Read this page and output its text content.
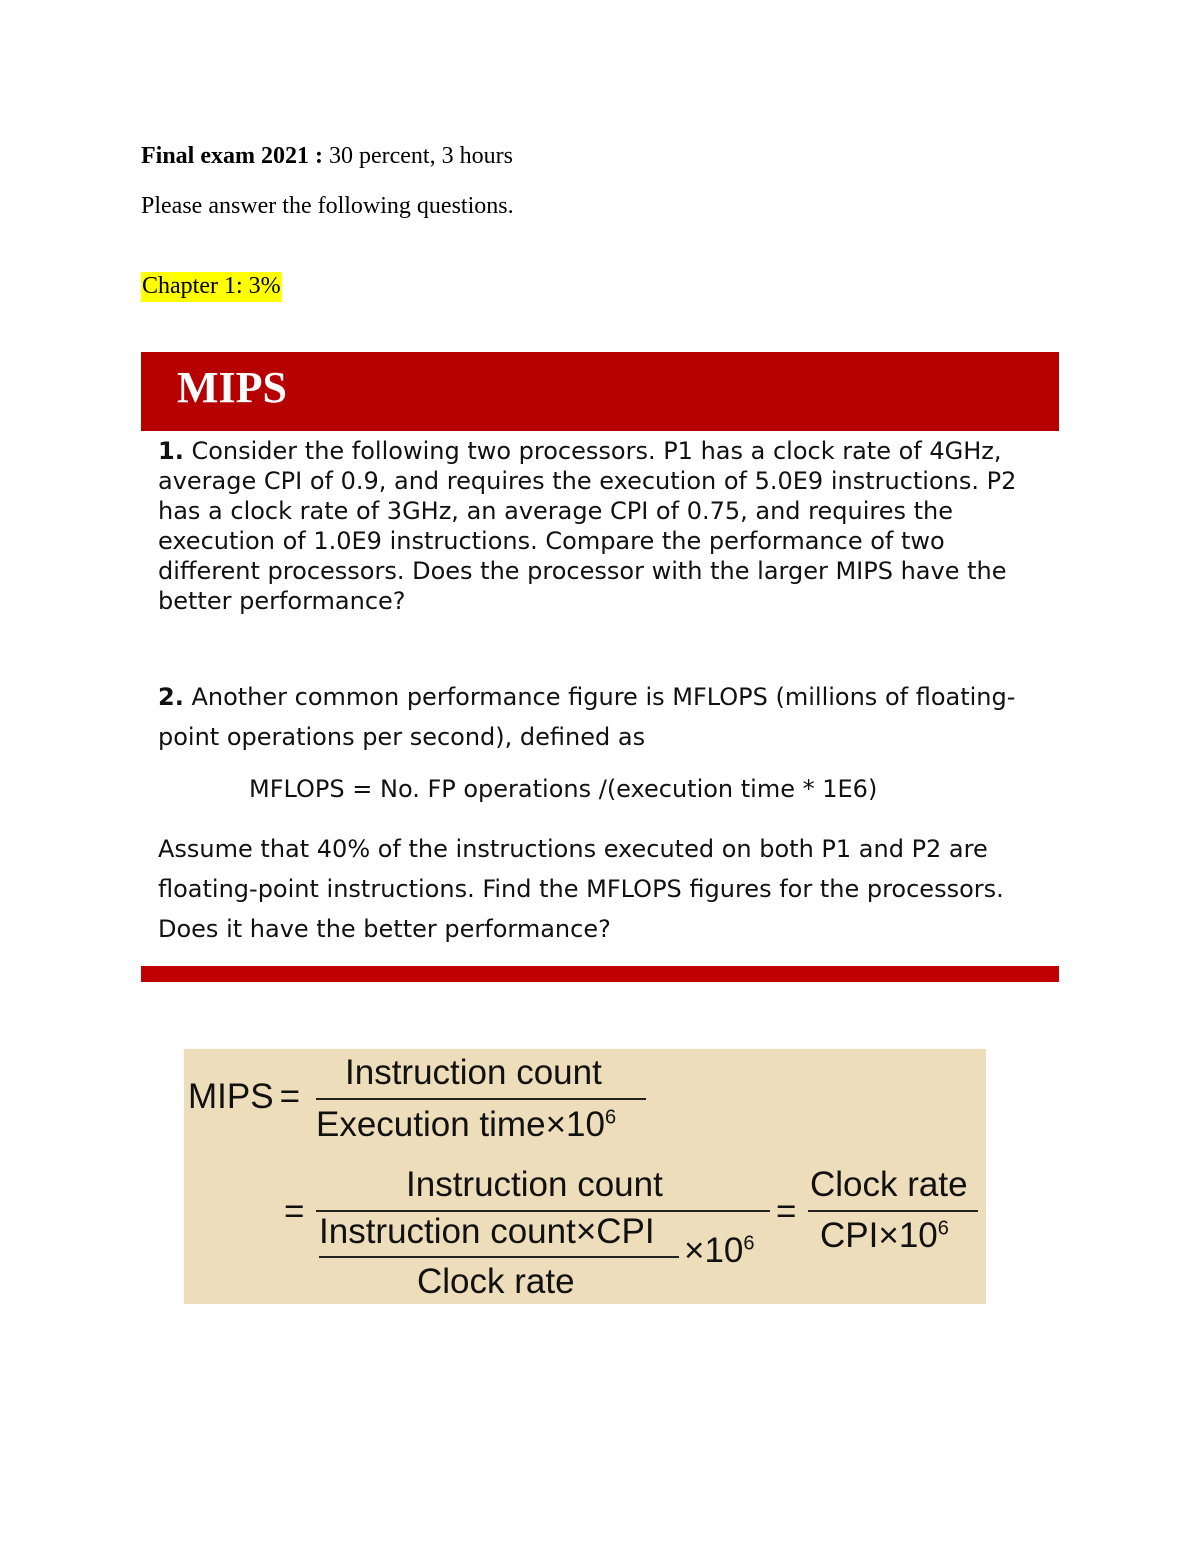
Final exam 2021 : 30 percent, 3 hours
Please answer the following questions.
Chapter 1: 3%
MIPS
1. Consider the following two processors. P1 has a clock rate of 4GHz, average CPI of 0.9, and requires the execution of 5.0E9 instructions. P2 has a clock rate of 3GHz, an average CPI of 0.75, and requires the execution of 1.0E9 instructions. Compare the performance of two different processors. Does the processor with the larger MIPS have the better performance?
2. Another common performance figure is MFLOPS (millions of floating-point operations per second), defined as
MFLOPS = No. FP operations /(execution time * 1E6)
Assume that 40% of the instructions executed on both P1 and P2 are floating-point instructions. Find the MFLOPS figures for the processors. Does it have the better performance?
MIPS =
Instruction count
Execution $time\times 10^6$
=
Instruction count
Instruction count×CPI
Clock rate
$\times 10^6$
=
Clock rate
$CPI\times 10^6$
